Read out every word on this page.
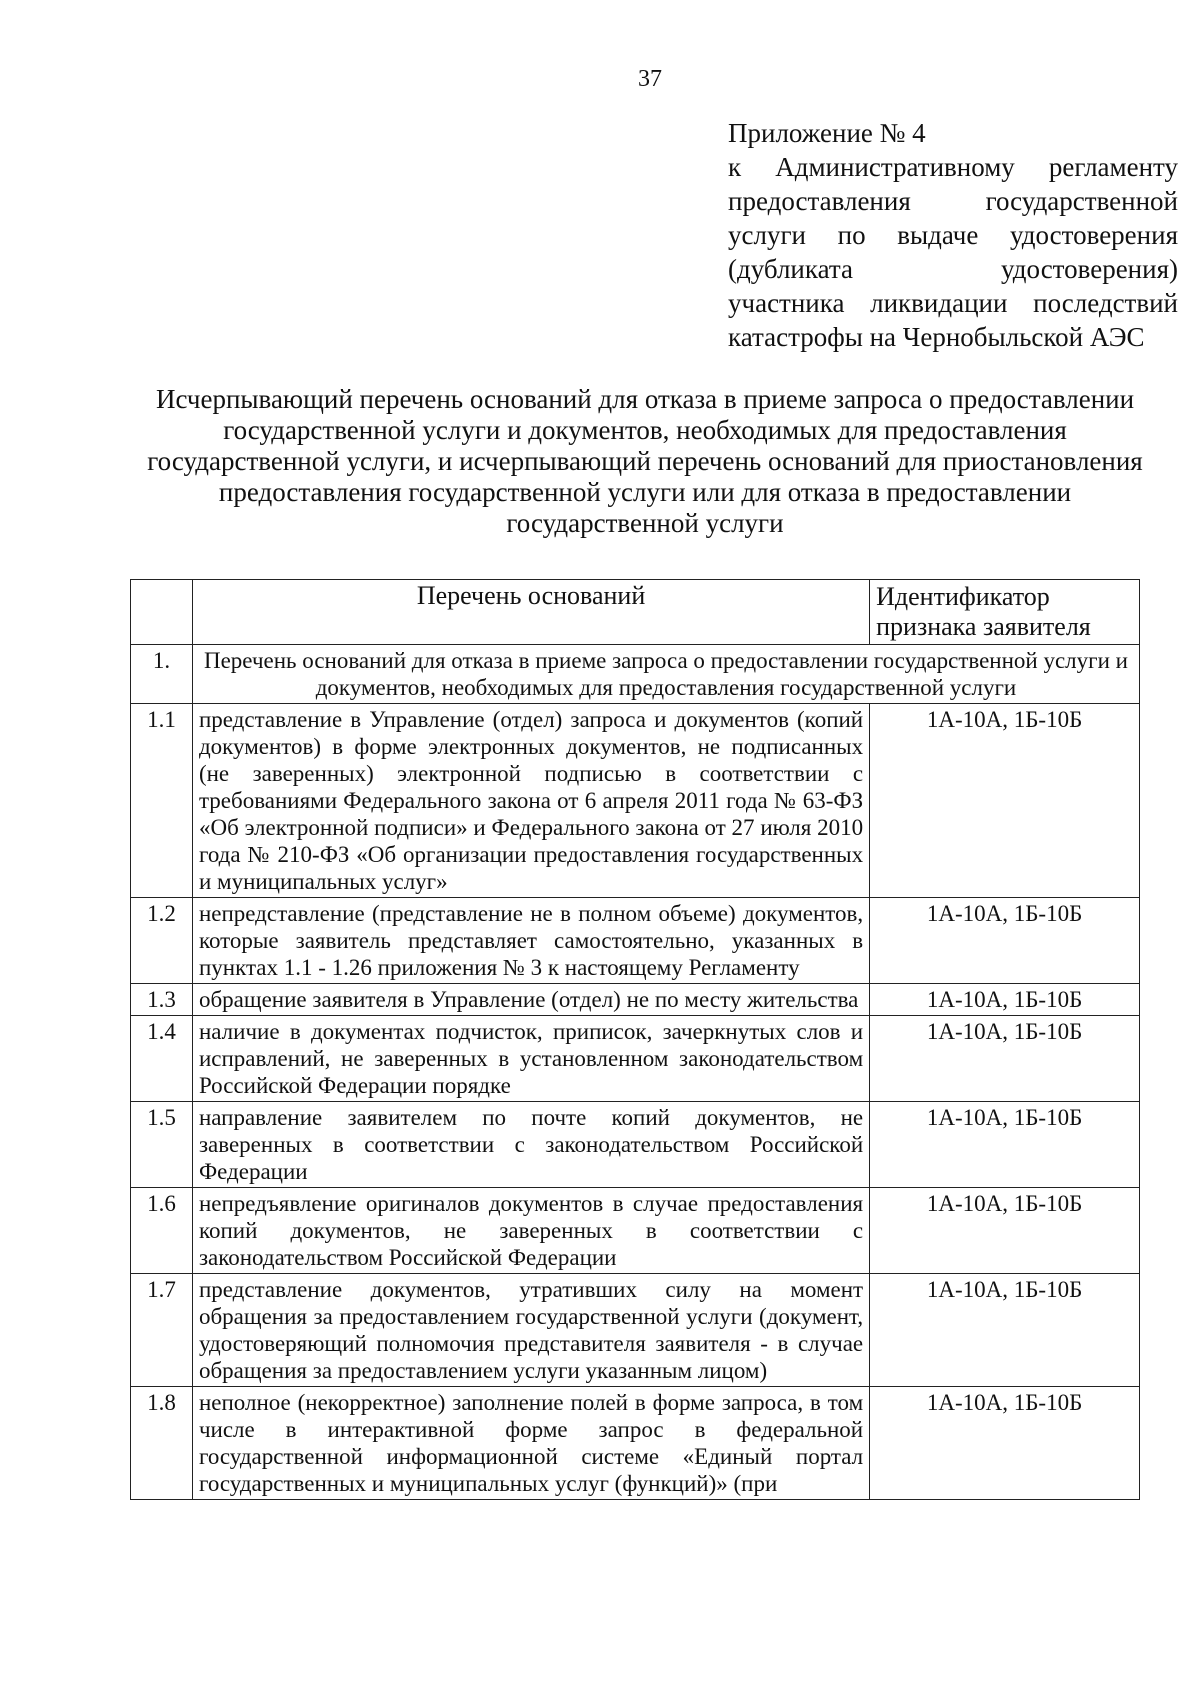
37
Приложение № 4
к Административному регламенту
предоставления государственной
услуги по выдаче удостоверения
(дубликата удостоверения)
участника ликвидации последствий
катастрофы на Чернобыльской АЭС
Исчерпывающий перечень оснований для отказа в приеме запроса о предоставлении государственной услуги и документов, необходимых для предоставления государственной услуги, и исчерпывающий перечень оснований для приостановления предоставления государственной услуги или для отказа в предоставлении государственной услуги
	Перечень оснований	Идентификатор признака заявителя
1.	Перечень оснований для отказа в приеме запроса о предоставлении государственной услуги и документов, необходимых для предоставления государственной услуги	
1.1	представление в Управление (отдел) запроса и документов (копий документов) в форме электронных документов, не подписанных (не заверенных) электронной подписью в соответствии с требованиями Федерального закона от 6 апреля 2011 года № 63-ФЗ «Об электронной подписи» и Федерального закона от 27 июля 2010 года № 210-ФЗ «Об организации предоставления государственных и муниципальных услуг»	1А-10А, 1Б-10Б
1.2	непредставление (представление не в полном объеме) документов, которые заявитель представляет самостоятельно, указанных в пунктах 1.1 - 1.26 приложения № 3 к настоящему Регламенту	1А-10А, 1Б-10Б
1.3	обращение заявителя в Управление (отдел) не по месту жительства	1А-10А, 1Б-10Б
1.4	наличие в документах подчисток, приписок, зачеркнутых слов и исправлений, не заверенных в установленном законодательством Российской Федерации порядке	1А-10А, 1Б-10Б
1.5	направление заявителем по почте копий документов, не заверенных в соответствии с законодательством Российской Федерации	1А-10А, 1Б-10Б
1.6	непредъявление оригиналов документов в случае предоставления копий документов, не заверенных в соответствии с законодательством Российской Федерации	1А-10А, 1Б-10Б
1.7	представление документов, утративших силу на момент обращения за предоставлением государственной услуги (документ, удостоверяющий полномочия представителя заявителя - в случае обращения за предоставлением услуги указанным лицом)	1А-10А, 1Б-10Б
1.8	неполное (некорректное) заполнение полей в форме запроса, в том числе в интерактивной форме запрос в федеральной государственной информационной системе «Единый портал государственных и муниципальных услуг (функций)» (при	1А-10А, 1Б-10Б
